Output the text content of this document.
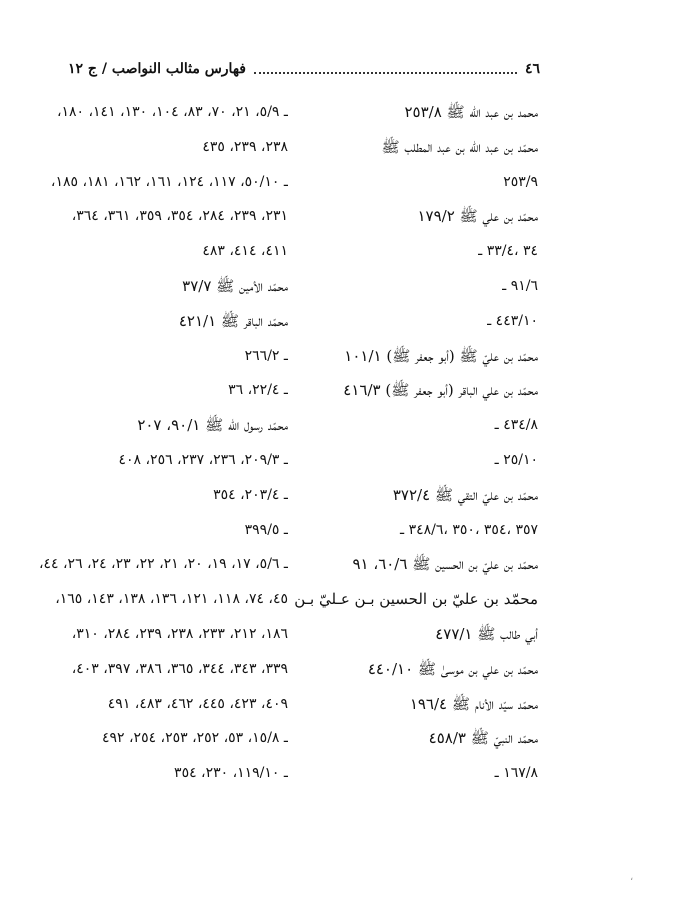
٤٦
فهارس مثالب النواصب / ج ١٢
محمد بن عبد الله ﷺ ٢٥٣/٨
محمّد بن عبد الله بن عبد المطلب ﷺ
٢٥٣/٩
محمّد بن علي ﷺ ١٧٩/٢
٣٤ ،٣٣/٤ ـ
٩١/٦ ـ
٤٤٣/١٠ ـ
محمّد بن عليّ ﷺ (أبو جعفر ﷺ) ١٠١/١
محمّد بن علي الباقر (أبو جعفر ﷺ) ٤١٦/٣
٤٣٤/٨ ـ
٢٥/١٠ ـ
محمّد بن عليّ التقي ﷺ ٣٧٢/٤
٣٥٧ ،٣٥٤ ،٣٥٠ ،٣٤٨/٦ ـ
محمّد بن عليّ بن الحسين ﷺ ٦٠/٦، ٩١
محمّد بن عليّ بن الحسين بـن عـليّ بـن
أبي طالب ﷺ ٤٧٧/١
محمّد بن علي بن موسىٰ ﷺ ٤٤٠/١٠
محمّد سيّد الأنام ﷺ ١٩٦/٤
محمّد النبيّ ﷺ ٤٥٨/٣
١٦٧/٨ ـ
ـ ٥/٩، ٢١، ٧٠، ٨٣، ١٠٤، ١٣٠، ١٤١، ١٨٠،
٢٣٨، ٢٣٩، ٤٣٥
ـ ٥٠/١٠، ١١٧، ١٢٤، ١٦١، ١٦٢، ١٨١، ١٨٥،
٢٣١، ٢٣٩، ٢٨٤، ٣٥٤، ٣٥٩، ٣٦١، ٣٦٤،
٤١١، ٤١٤، ٤٨٣
محمّد الأمين ﷺ ٣٧/٧
محمّد الباقر ﷺ ٤٢١/١
ـ ٢٦٦/٢
ـ ٢٢/٤، ٣٦
محمّد رسول الله ﷺ ٩٠/١، ٢٠٧
ـ ٢٠٩/٣، ٢٣٦، ٢٣٧، ٢٥٦، ٤٠٨
ـ ٢٠٣/٤، ٣٥٤
ـ ٣٩٩/٥
ـ ٥/٦، ١٧، ١٩، ٢٠، ٢١، ٢٢، ٢٣، ٢٤، ٢٦، ٤٤،
٤٥، ٧٤، ١١٨، ١٢١، ١٣٦، ١٣٨، ١٤٣، ١٦٥،
١٨٦، ٢١٢، ٢٣٣، ٢٣٨، ٢٣٩، ٢٨٤، ٣١٠،
٣٣٩، ٣٤٣، ٣٤٤، ٣٦٥، ٣٨٦، ٣٩٧، ٤٠٣،
٤٠٩، ٤٢٣، ٤٤٥، ٤٦٢، ٤٨٣، ٤٩١
ـ ١٥/٨، ٥٣، ٢٥٢، ٢٥٣، ٢٥٤، ٤٩٢
ـ ١١٩/١٠، ٢٣٠، ٣٥٤
،
